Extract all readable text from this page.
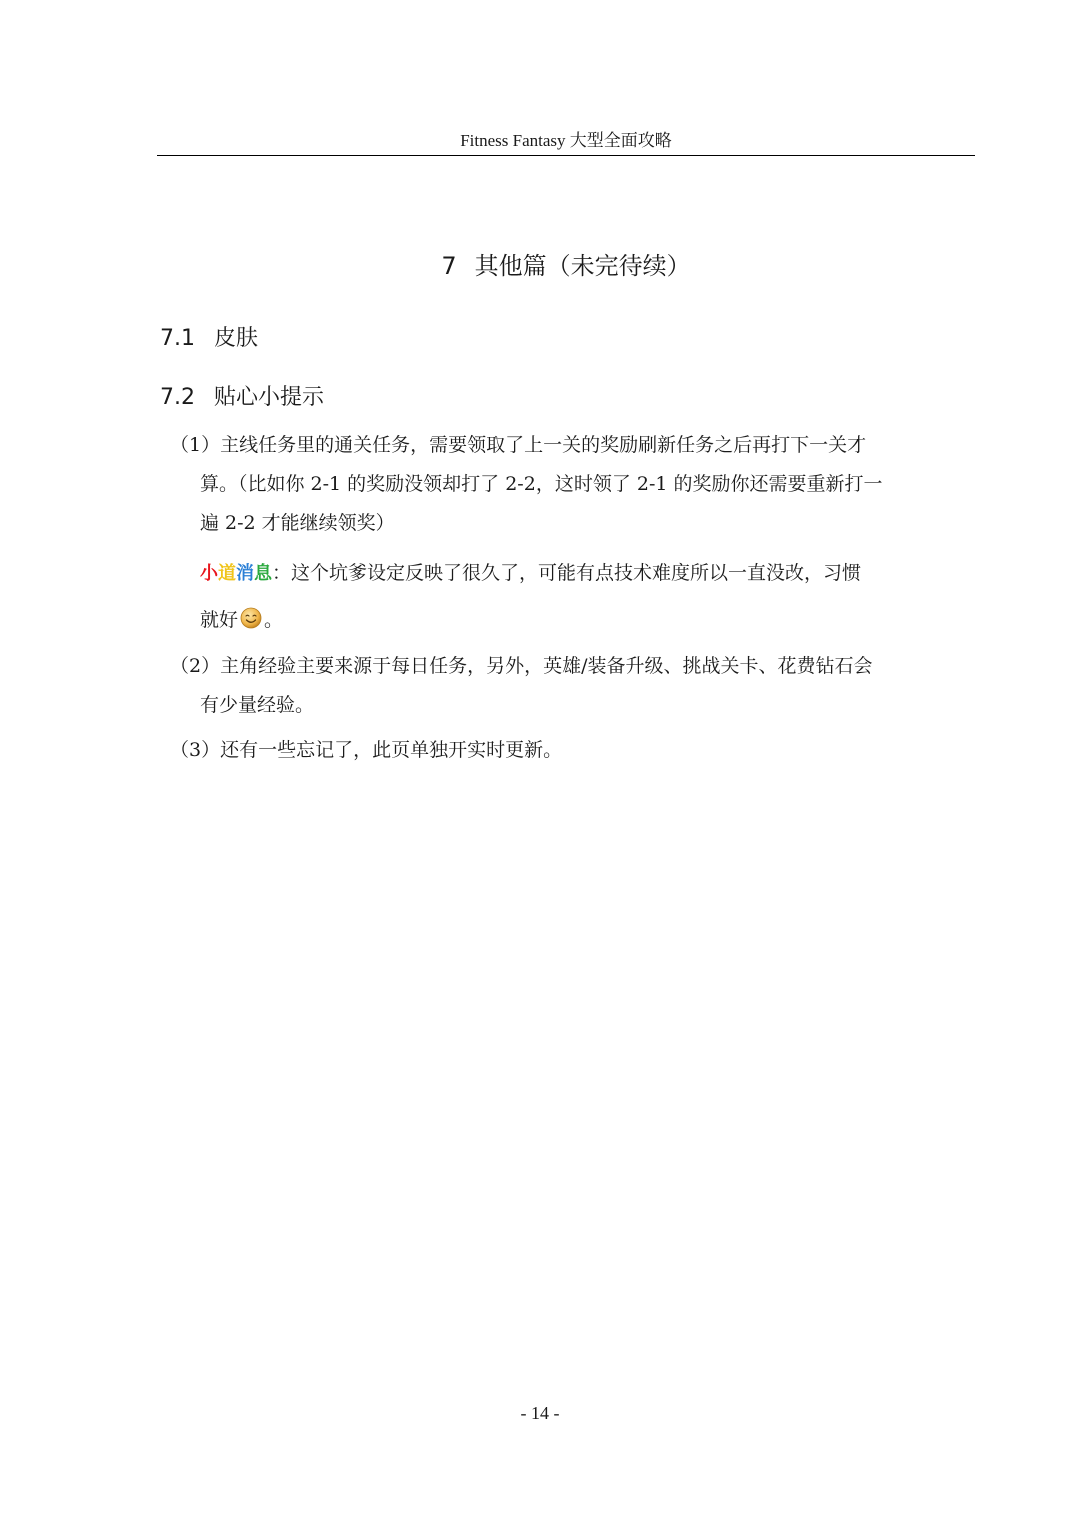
Fitness Fantasy 大型全面攻略
7 其他篇（未完待续）
7.1 皮肤
7.2 贴心小提示
（1）主线任务里的通关任务，需要领取了上一关的奖励刷新任务之后再打下一关才
算。（比如你 2-1 的奖励没领却打了 2-2，这时领了 2-1 的奖励你还需要重新打一
遍 2-2 才能继续领奖）
小道消息：这个坑爹设定反映了很久了，可能有点技术难度所以一直没改，习惯
就好 。
（2）主角经验主要来源于每日任务，另外，英雄/装备升级、挑战关卡、花费钻石会
有少量经验。
（3）还有一些忘记了，此页单独开实时更新。
- 14 -
